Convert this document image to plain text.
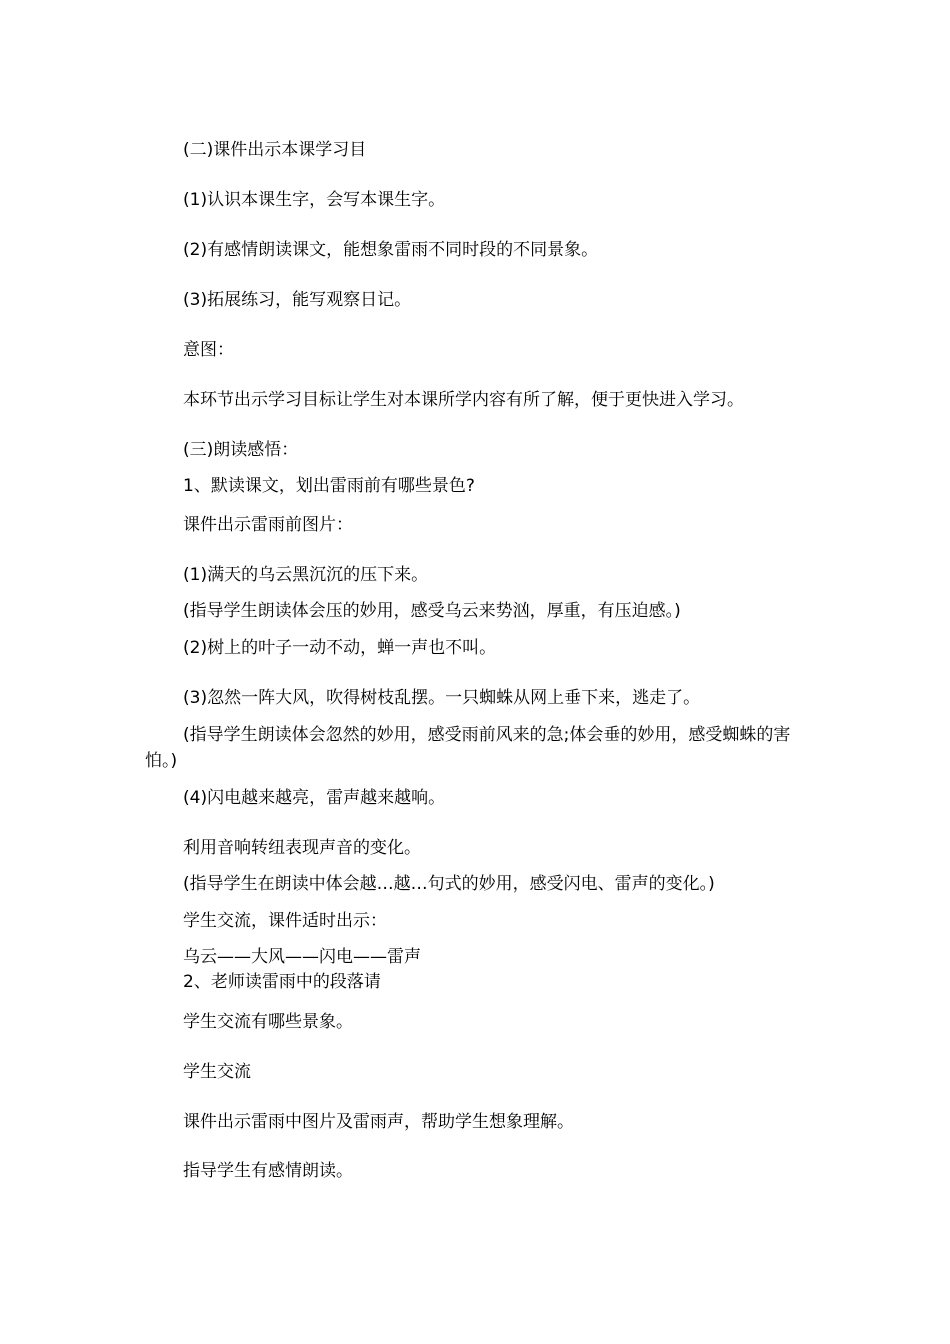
(二)课件出示本课学习目
(1)认识本课生字，会写本课生字。
(2)有感情朗读课文，能想象雷雨不同时段的不同景象。
(3)拓展练习，能写观察日记。
意图：
本环节出示学习目标让学生对本课所学内容有所了解，便于更快进入学习。
(三)朗读感悟：
1、默读课文，划出雷雨前有哪些景色?
课件出示雷雨前图片：
(1)满天的乌云黑沉沉的压下来。
(指导学生朗读体会压的妙用，感受乌云来势汹，厚重，有压迫感。)
(2)树上的叶子一动不动，蝉一声也不叫。
(3)忽然一阵大风，吹得树枝乱摆。一只蜘蛛从网上垂下来，逃走了。
(指导学生朗读体会忽然的妙用，感受雨前风来的急;体会垂的妙用，感受蜘蛛的害怕。)
(4)闪电越来越亮，雷声越来越响。
利用音响转纽表现声音的变化。
(指导学生在朗读中体会越…越…句式的妙用，感受闪电、雷声的变化。)
学生交流，课件适时出示：
乌云——大风——闪电——雷声
2、老师读雷雨中的段落请
学生交流有哪些景象。
学生交流
课件出示雷雨中图片及雷雨声，帮助学生想象理解。
指导学生有感情朗读。
